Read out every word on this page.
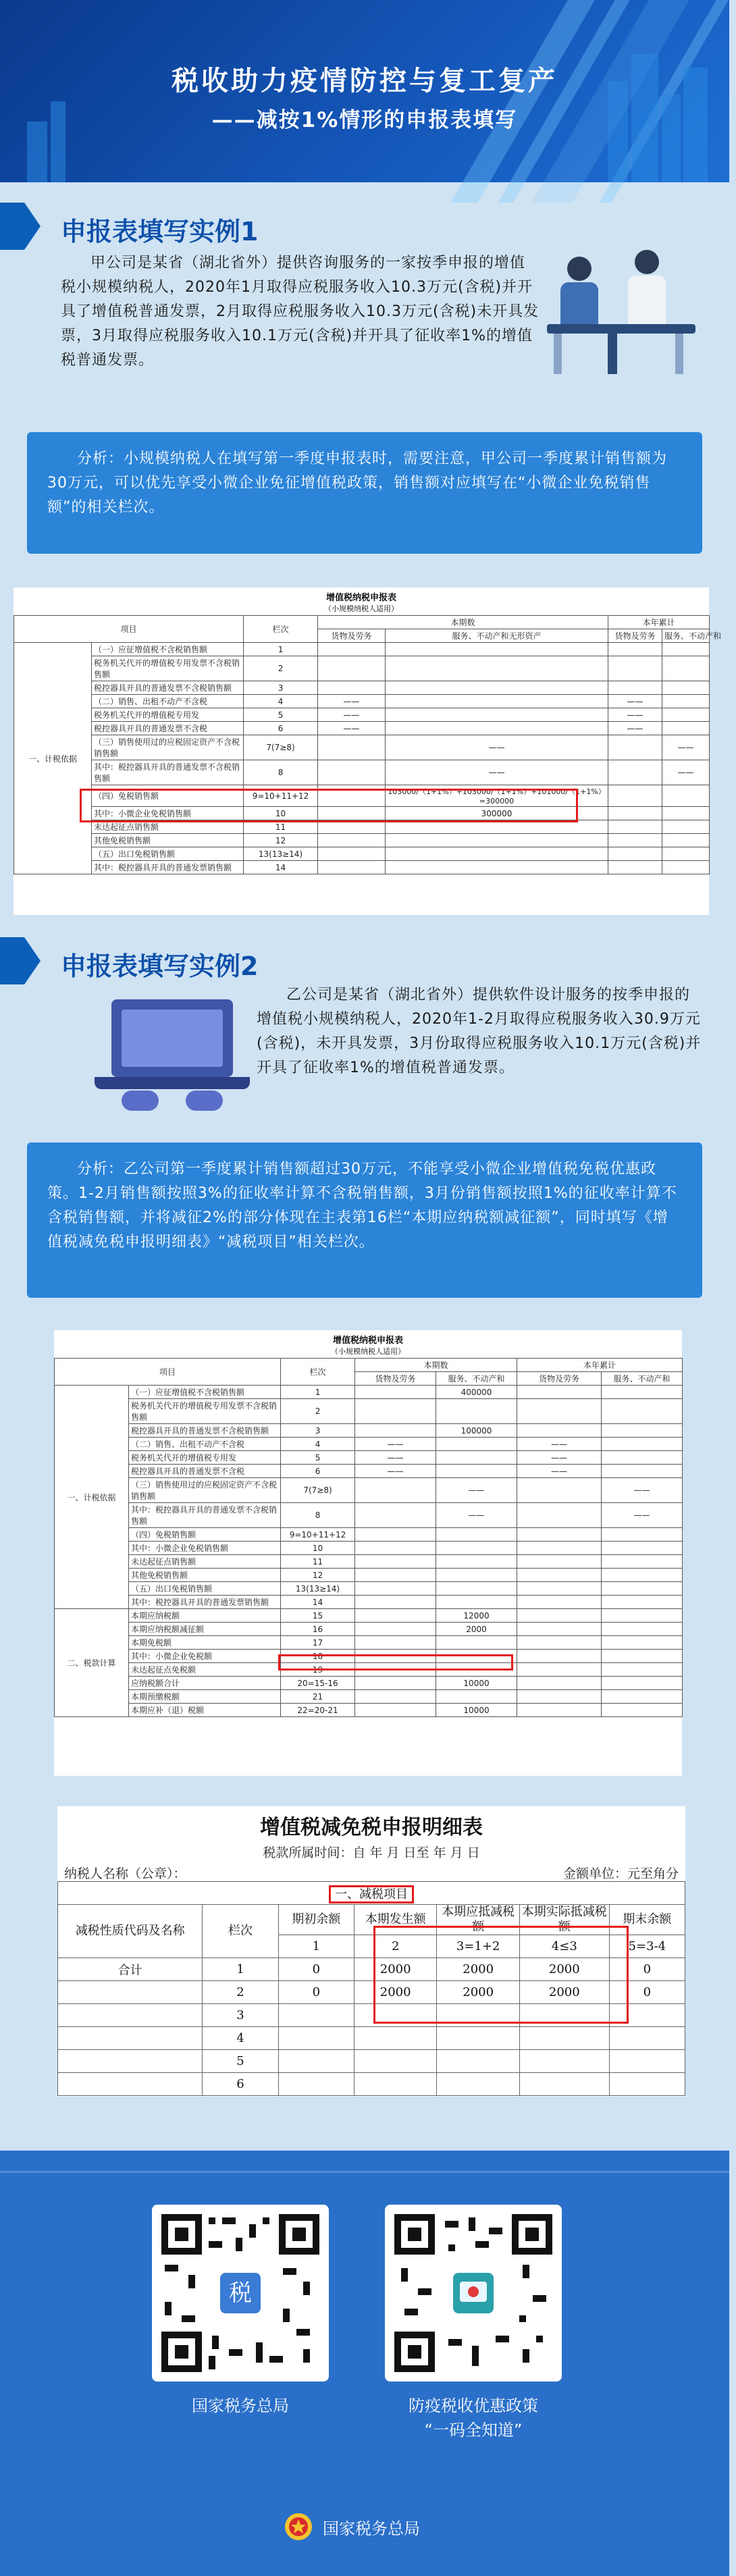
税收助力疫情防控与复工复产
——减按1%情形的申报表填写
申报表填写实例1
甲公司是某省（湖北省外）提供咨询服务的一家按季申报的增值税小规模纳税人，2020年1月取得应税服务收入10.3万元(含税)并开具了增值税普通发票，2月取得应税服务收入10.3万元(含税)未开具发票，3月取得应税服务收入10.1万元(含税)并开具了征收率1%的增值税普通发票。
分析：小规模纳税人在填写第一季度申报表时，需要注意，甲公司一季度累计销售额为30万元，可以优先享受小微企业免征增值税政策，销售额对应填写在“小微企业免税销售额”的相关栏次。
增值税纳税申报表
（小规模纳税人适用）
项目		栏次	本期数		本年累计	
			货物及劳务	服务、不动产和无形资产	货物及劳务	服务、不动产和
一、计税依据	（一）应征增值税不含税销售额	1				
	税务机关代开的增值税专用发票不含税销售额	2				
	税控器具开具的普通发票不含税销售额	3				
	（二）销售、出租不动产不含税	4	——		——	
	税务机关代开的增值税专用发	5	——		——	
	税控器具开具的普通发票不含税	6	——		——	
	（三）销售使用过的应税固定资产不含税销售额	7(7≥8)		——		——
	其中：税控器具开具的普通发票不含税销售额	8		——		——
	（四）免税销售额	9=10+11+12		103000/（1+1%）+103000/（1+1%）+101000/（1+1%）=300000		
	其中：小微企业免税销售额	10		300000		
	未达起征点销售额	11				
	其他免税销售额	12				
	（五）出口免税销售额	13(13≥14)				
	其中：税控器具开具的普通发票销售额	14				
申报表填写实例2
乙公司是某省（湖北省外）提供软件设计服务的按季申报的增值税小规模纳税人，2020年1-2月取得应税服务收入30.9万元(含税)，未开具发票，3月份取得应税服务收入10.1万元(含税)并开具了征收率1%的增值税普通发票。
分析：乙公司第一季度累计销售额超过30万元，不能享受小微企业增值税免税优惠政策。1-2月销售额按照3%的征收率计算不含税销售额，3月份销售额按照1%的征收率计算不含税销售额，并将减征2%的部分体现在主表第16栏“本期应纳税额减征额”，同时填写《增值税减免税申报明细表》“减税项目”相关栏次。
增值税纳税申报表
（小规模纳税人适用）
项目		栏次	本期数		本年累计	
			货物及劳务	服务、不动产和	货物及劳务	服务、不动产和
一、计税依据	（一）应征增值税不含税销售额	1		400000		
	税务机关代开的增值税专用发票不含税销售额	2				
	税控器具开具的普通发票不含税销售额	3		100000		
	（二）销售、出租不动产不含税	4	——		——	
	税务机关代开的增值税专用发	5	——		——	
	税控器具开具的普通发票不含税	6	——		——	
	（三）销售使用过的应税固定资产不含税销售额	7(7≥8)		——		——
	其中：税控器具开具的普通发票不含税销售额	8		——		——
	（四）免税销售额	9=10+11+12				
	其中：小微企业免税销售额	10				
	未达起征点销售额	11				
	其他免税销售额	12				
	（五）出口免税销售额	13(13≥14)				
	其中：税控器具开具的普通发票销售额	14				
二、税款计算	本期应纳税额	15		12000		
	本期应纳税额减征额	16		2000		
	本期免税额	17				
	其中：小微企业免税额	18				
	未达起征点免税额	19				
	应纳税额合计	20=15-16		10000		
	本期预缴税额	21				
	本期应补（退）税额	22=20-21		10000		
增值税减免税申报明细表
税款所属时间：自 年 月 日至 年 月 日
纳税人名称（公章）：	金额单位：元至角分
一、减税项目						
减税性质代码及名称	栏次	期初余额	本期发生额	本期应抵减税额	本期实际抵减税额	期末余额
		1	2	3=1+2	4≤3	5=3-4
合计	1	0	2000	2000	2000	0
	2	0	2000	2000	2000	0
	3					
	4					
	5					
	6					
税
国家税务总局	防疫税收优惠政策
“一码全知道”
国家税务总局
